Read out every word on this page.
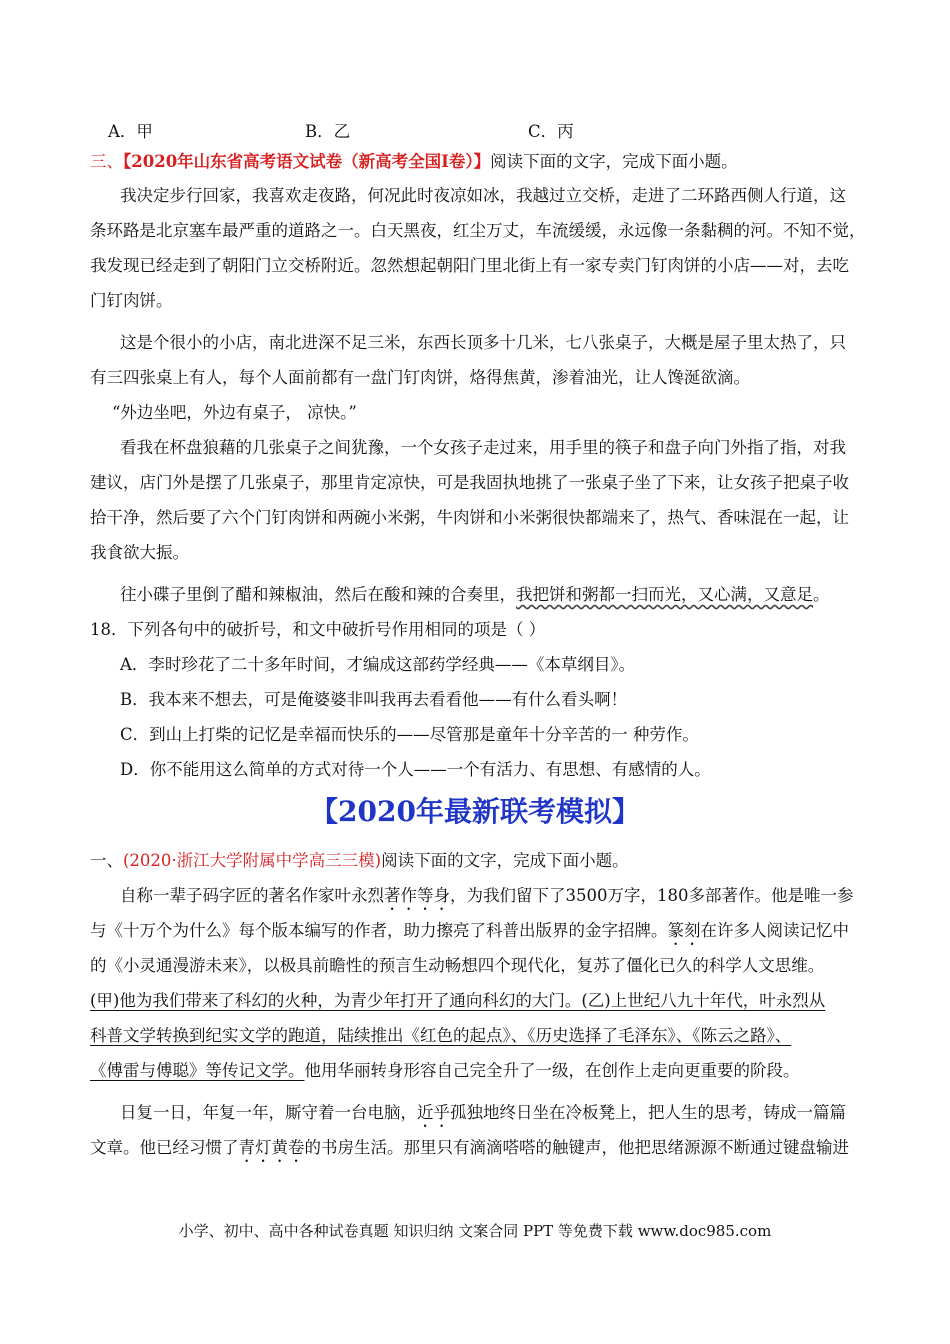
A．甲	B．乙	C．丙
三、【2020年山东省高考语文试卷（新高考全国Ⅰ卷）】阅读下面的文字，完成下面小题。
我决定步行回家，我喜欢走夜路，何况此时夜凉如冰，我越过立交桥，走进了二环路西侧人行道，这
条环路是北京塞车最严重的道路之一。白天黑夜，红尘万丈，车流缓缓，永远像一条黏稠的河。不知不觉，
我发现已经走到了朝阳门立交桥附近。忽然想起朝阳门里北街上有一家专卖门钉肉饼的小店——对，去吃
门钉肉饼。
这是个很小的小店，南北进深不足三米，东西长顶多十几米，七八张桌子，大概是屋子里太热了，只
有三四张桌上有人，每个人面前都有一盘门钉肉饼，烙得焦黄，渗着油光，让人馋涎欲滴。
“外边坐吧，外边有桌子， 凉快。”
看我在杯盘狼藉的几张桌子之间犹豫，一个女孩子走过来，用手里的筷子和盘子向门外指了指，对我
建议，店门外是摆了几张桌子，那里肯定凉快，可是我固执地挑了一张桌子坐了下来，让女孩子把桌子收
拾干净，然后要了六个门钉肉饼和两碗小米粥，牛肉饼和小米粥很快都端来了，热气、香味混在一起，让
我食欲大振。
往小碟子里倒了醋和辣椒油，然后在酸和辣的合奏里，我把饼和粥都一扫而光，又心满，又意足。
18．下列各句中的破折号，和文中破折号作用相同的项是（ ）
A．李时珍花了二十多年时间，才编成这部药学经典——《本草纲目》。
B．我本来不想去，可是俺婆婆非叫我再去看看他——有什么看头啊！
C．到山上打柴的记忆是幸福而快乐的——尽管那是童年十分辛苦的一 种劳作。
D．你不能用这么简单的方式对待一个人——一个有活力、有思想、有感情的人。
【2020年最新联考模拟】
一、(2020·浙江大学附属中学高三三模)阅读下面的文字，完成下面小题。
自称一辈子码字匠的著名作家叶永烈著作等身，为我们留下了3500万字，180多部著作。他是唯一参
与《十万个为什么》每个版本编写的作者，助力擦亮了科普出版界的金字招牌。篆刻在许多人阅读记忆中
的《小灵通漫游未来》，以极具前瞻性的预言生动畅想四个现代化，复苏了僵化已久的科学人文思维。
(甲)他为我们带来了科幻的火种，为青少年打开了通向科幻的大门。(乙)上世纪八九十年代，叶永烈从
科普文学转换到纪实文学的跑道，陆续推出《红色的起点》、《历史选择了毛泽东》、《陈云之路》、
《傅雷与傅聪》等传记文学。他用华丽转身形容自己完全升了一级，在创作上走向更重要的阶段。
日复一日，年复一年，厮守着一台电脑，近乎孤独地终日坐在冷板凳上，把人生的思考，铸成一篇篇
文章。他已经习惯了青灯黄卷的书房生活。那里只有滴滴嗒嗒的触键声，他把思绪源源不断通过键盘输进
小学、初中、高中各种试卷真题 知识归纳 文案合同 PPT 等免费下载 www.doc985.com
